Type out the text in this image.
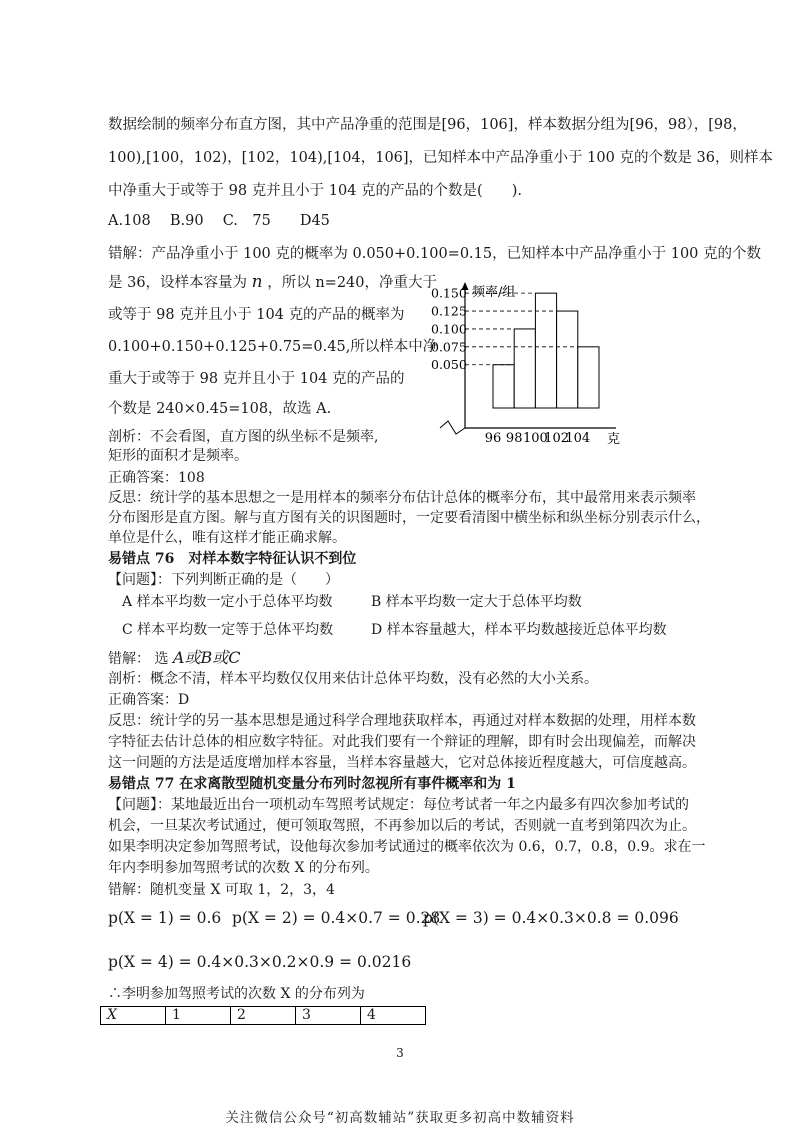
数据绘制的频率分布直方图，其中产品净重的范围是[96，106]，样本数据分组为[96，98），[98，
100),[100，102)，[102，104),[104，106]，已知样本中产品净重小于 100 克的个数是 36，则样本
中净重大于或等于 98 克并且小于 104 克的产品的个数是(　　).
A.108　 B.90　 C.　75　　D45
错解：产品净重小于 100 克的概率为 0.050+0.100=0.15，已知样本中产品净重小于 100 克的个数
是 36，设样本容量为 n ，所以 n=240，净重大于
或等于 98 克并且小于 104 克的产品的概率为
0.100+0.150+0.125+0.75=0.45,所以样本中净
重大于或等于 98 克并且小于 104 克的产品的
个数是 240×0.45=108，故选 A.
剖析：不会看图，直方图的纵坐标不是频率,
矩形的面积才是频率。
正确答案：108
反思：统计学的基本思想之一是用样本的频率分布估计总体的概率分布，其中最常用来表示频率
分布图形是直方图。解与直方图有关的识图题时，一定要看清图中横坐标和纵坐标分别表示什么，
单位是什么，唯有这样才能正确求解。
频率/组
克
0.150
0.125
0.100
0.075
0.050
96 98 100
102
104
易错点 76　对样本数字特征认识不到位
【问题】：下列判断正确的是（　　）
A 样本平均数一定小于总体平均数	B 样本平均数一定大于总体平均数
C 样本平均数一定等于总体平均数	D 样本容量越大，样本平均数越接近总体平均数
错解： 选 A或B或C
剖析：概念不清，样本平均数仅仅用来估计总体平均数，没有必然的大小关系。
正确答案：D
反思：统计学的另一基本思想是通过科学合理地获取样本，再通过对样本数据的处理，用样本数
字特征去估计总体的相应数字特征。对此我们要有一个辩证的理解，即有时会出现偏差，而解决
这一问题的方法是适度增加样本容量，当样本容量越大，它对总体接近程度越大，可信度越高。
易错点 77 在求离散型随机变量分布列时忽视所有事件概率和为 1
【问题】：某地最近出台一项机动车驾照考试规定：每位考试者一年之内最多有四次参加考试的
机会，一旦某次考试通过，便可领取驾照，不再参加以后的考试，否则就一直考到第四次为止。
如果李明决定参加驾照考试，设他每次参加考试通过的概率依次为 0.6，0.7，0.8，0.9。求在一
年内李明参加驾照考试的次数 X 的分布列。
错解：随机变量 X 可取 1，2，3，4
p(X = 1) = 0.6 p(X = 2) = 0.4×0.7 = 0.28
p(X = 3) = 0.4×0.3×0.8 = 0.096
p(X = 4) = 0.4×0.3×0.2×0.9 = 0.0216
∴李明参加驾照考试的次数 X 的分布列为
X	1	2	3	4
3
关注微信公众号“初高数辅站”获取更多初高中数辅资料
